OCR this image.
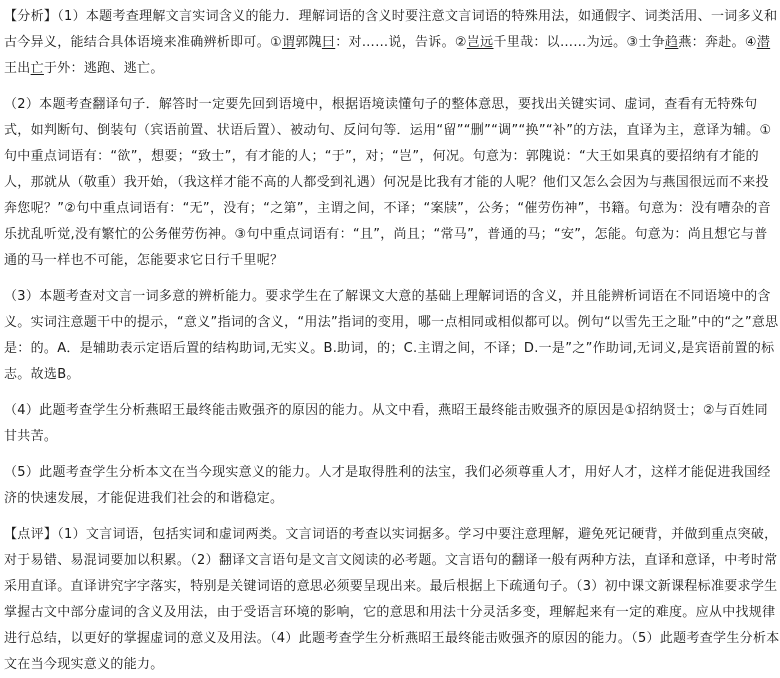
【分析】（1）本题考查理解文言实词含义的能力．理解词语的含义时要注意文言词语的特殊用法，如通假字、词类活用、一词多义和古今异义，能结合具体语境来准确辨析即可。①谓郭隗曰：对……说，告诉。②岂远千里哉：以……为远。③士争趋燕：奔赴。④潜王出亡于外：逃跑、逃亡。

（2）本题考查翻译句子．解答时一定要先回到语境中，根据语境读懂句子的整体意思，要找出关键实词、虚词，查看有无特殊句式，如判断句、倒装句（宾语前置、状语后置）、被动句、反问句等．运用“留”“删”“调”“换”“补”的方法，直译为主，意译为辅。①句中重点词语有：“欲”，想要；“致士”，有才能的人；“于”，对；“岂”，何况。句意为：郭隗说：“大王如果真的要招纳有才能的人，那就从（敬重）我开始，（我这样才能不高的人都受到礼遇）何况是比我有才能的人呢？他们又怎么会因为与燕国很远而不来投奔您呢？”②句中重点词语有：“无”，没有；“之第”，主谓之间，不译；“案牍”，公务；“催劳伤神”，书籍。句意为：没有嘈杂的音乐扰乱听觉,没有繁忙的公务催劳伤神。③句中重点词语有：“且”，尚且；“常马”，普通的马；“安”，怎能。句意为：尚且想它与普通的马一样也不可能，怎能要求它日行千里呢？

（3）本题考查对文言一词多意的辨析能力。要求学生在了解课文大意的基础上理解词语的含义，并且能辨析词语在不同语境中的含义。实词注意题干中的提示，“意义”指词的含义，“用法”指词的变用，哪一点相同或相似都可以。例句“以雪先王之耻”中的“之”意思是：的。A．是辅助表示定语后置的结构助词,无实义。B.助词，的；C.主谓之间，不译；D.一是”之”作助词,无词义,是宾语前置的标志。故选B。

（4）此题考查学生分析燕昭王最终能击败强齐的原因的能力。从文中看，燕昭王最终能击败强齐的原因是①招纳贤士；②与百姓同甘共苦。

（5）此题考查学生分析本文在当今现实意义的能力。人才是取得胜利的法宝，我们必须尊重人才，用好人才，这样才能促进我国经济的快速发展，才能促进我们社会的和谐稳定。

【点评】（1）文言词语，包括实词和虚词两类。文言词语的考查以实词据多。学习中要注意理解，避免死记硬背，并做到重点突破，对于易错、易混词要加以积累。（2）翻译文言语句是文言文阅读的必考题。文言语句的翻译一般有两种方法，直译和意译，中考时常采用直译。直译讲究字字落实，特别是关键词语的意思必须要呈现出来。最后根据上下疏通句子。（3）初中课文新课程标准要求学生掌握古文中部分虚词的含义及用法，由于受语言环境的影响，它的意思和用法十分灵活多变，理解起来有一定的难度。应从中找规律进行总结，以更好的掌握虚词的意义及用法。（4）此题考查学生分析燕昭王最终能击败强齐的原因的能力。（5）此题考查学生分析本文在当今现实意义的能力。
